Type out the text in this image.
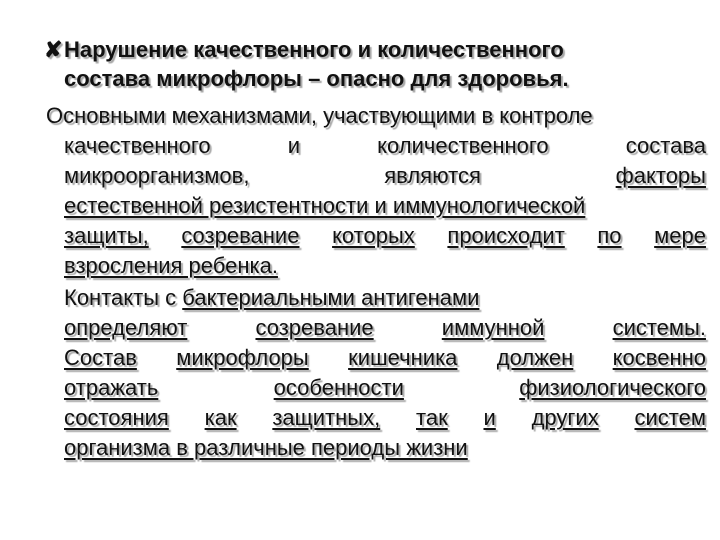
✘ Нарушение качественного и количественного
состава микрофлоры – опасно для здоровья.
Основными механизмами, участвующими в контроле
качественного	и	количественного	состава
микроорганизмов,	являются	факторы
естественной резистентности и иммунологической
защиты, созревание которых происходит по мере
взросления ребенка.
Контакты с бактериальными антигенами
определяют	созревание	иммунной	системы.
Состав микрофлоры кишечника должен косвенно
отражать	особенности	физиологического
состояния как защитных, так и других систем
организма в различные периоды жизни
